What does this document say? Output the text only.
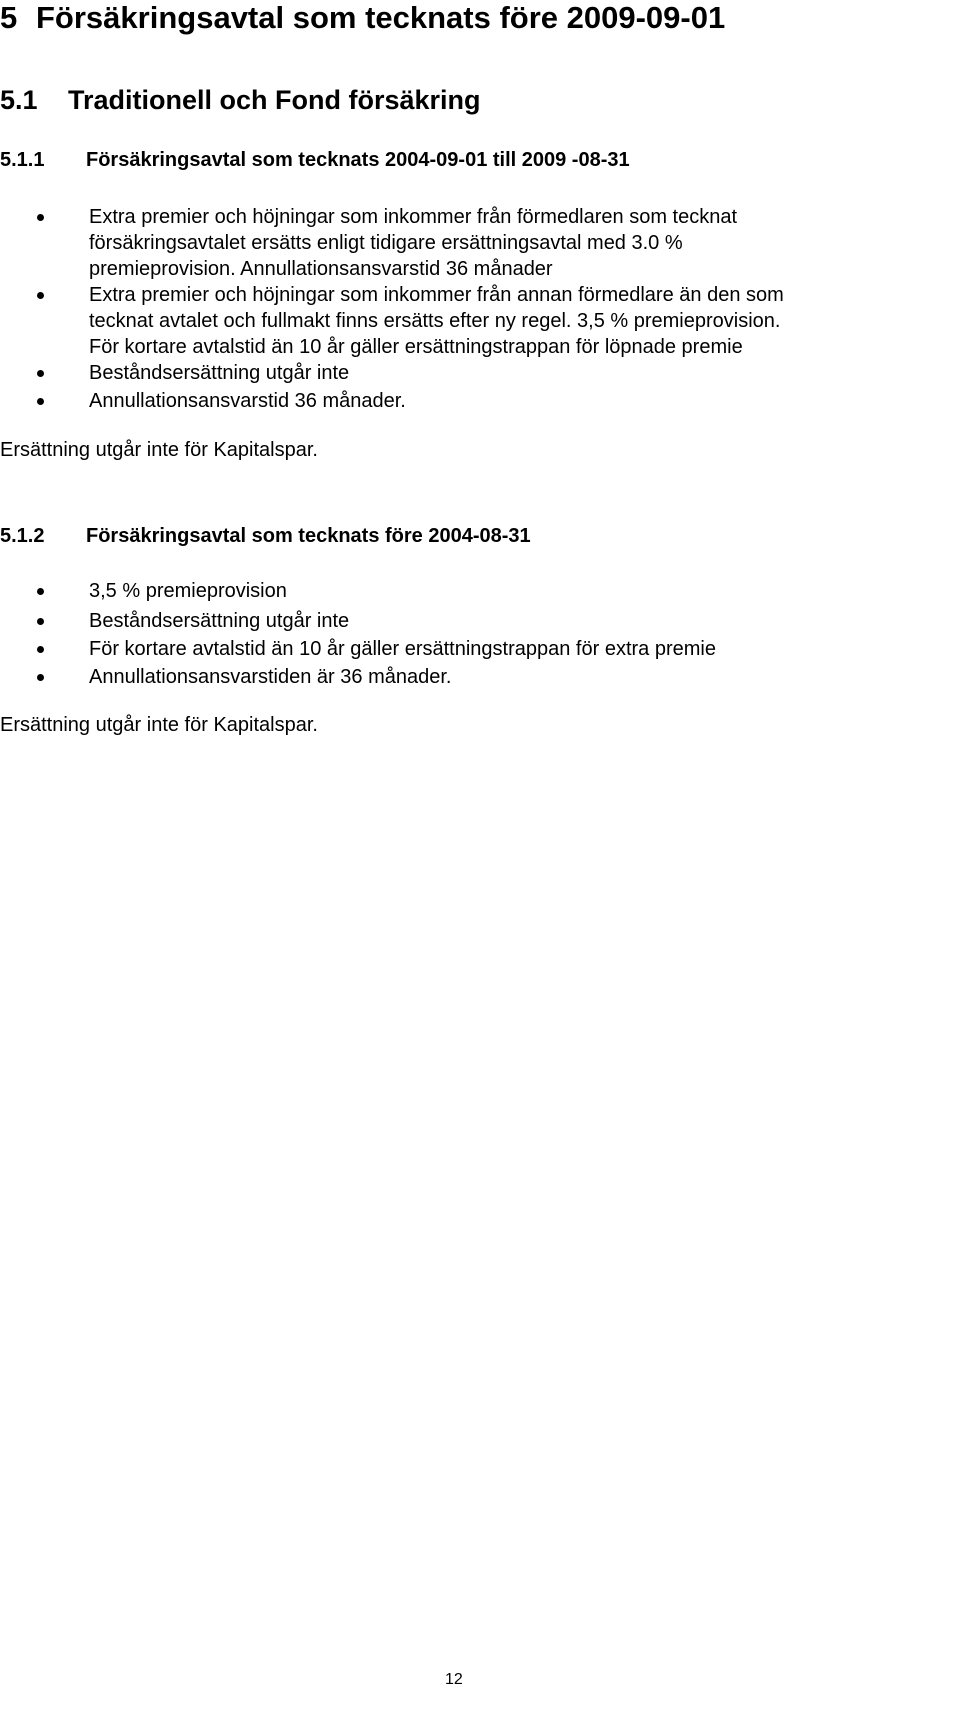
5 Försäkringsavtal som tecknats före 2009-09-01
5.1 Traditionell och Fond försäkring
5.1.1 Försäkringsavtal som tecknats 2004-09-01 till 2009 -08-31
Extra premier och höjningar som inkommer från förmedlaren som tecknat
försäkringsavtalet ersätts enligt tidigare ersättningsavtal med 3.0 %
premieprovision. Annullationsansvarstid 36 månader
Extra premier och höjningar som inkommer från annan förmedlare än den som
tecknat avtalet och fullmakt finns ersätts efter ny regel. 3,5 % premieprovision.
För kortare avtalstid än 10 år gäller ersättningstrappan för löpnade premie
Beståndsersättning utgår inte
Annullationsansvarstid 36 månader.
Ersättning utgår inte för Kapitalspar.
5.1.2 Försäkringsavtal som tecknats före 2004-08-31
3,5 % premieprovision
Beståndsersättning utgår inte
För kortare avtalstid än 10 år gäller ersättningstrappan för extra premie
Annullationsansvarstiden är 36 månader.
Ersättning utgår inte för Kapitalspar.
12
